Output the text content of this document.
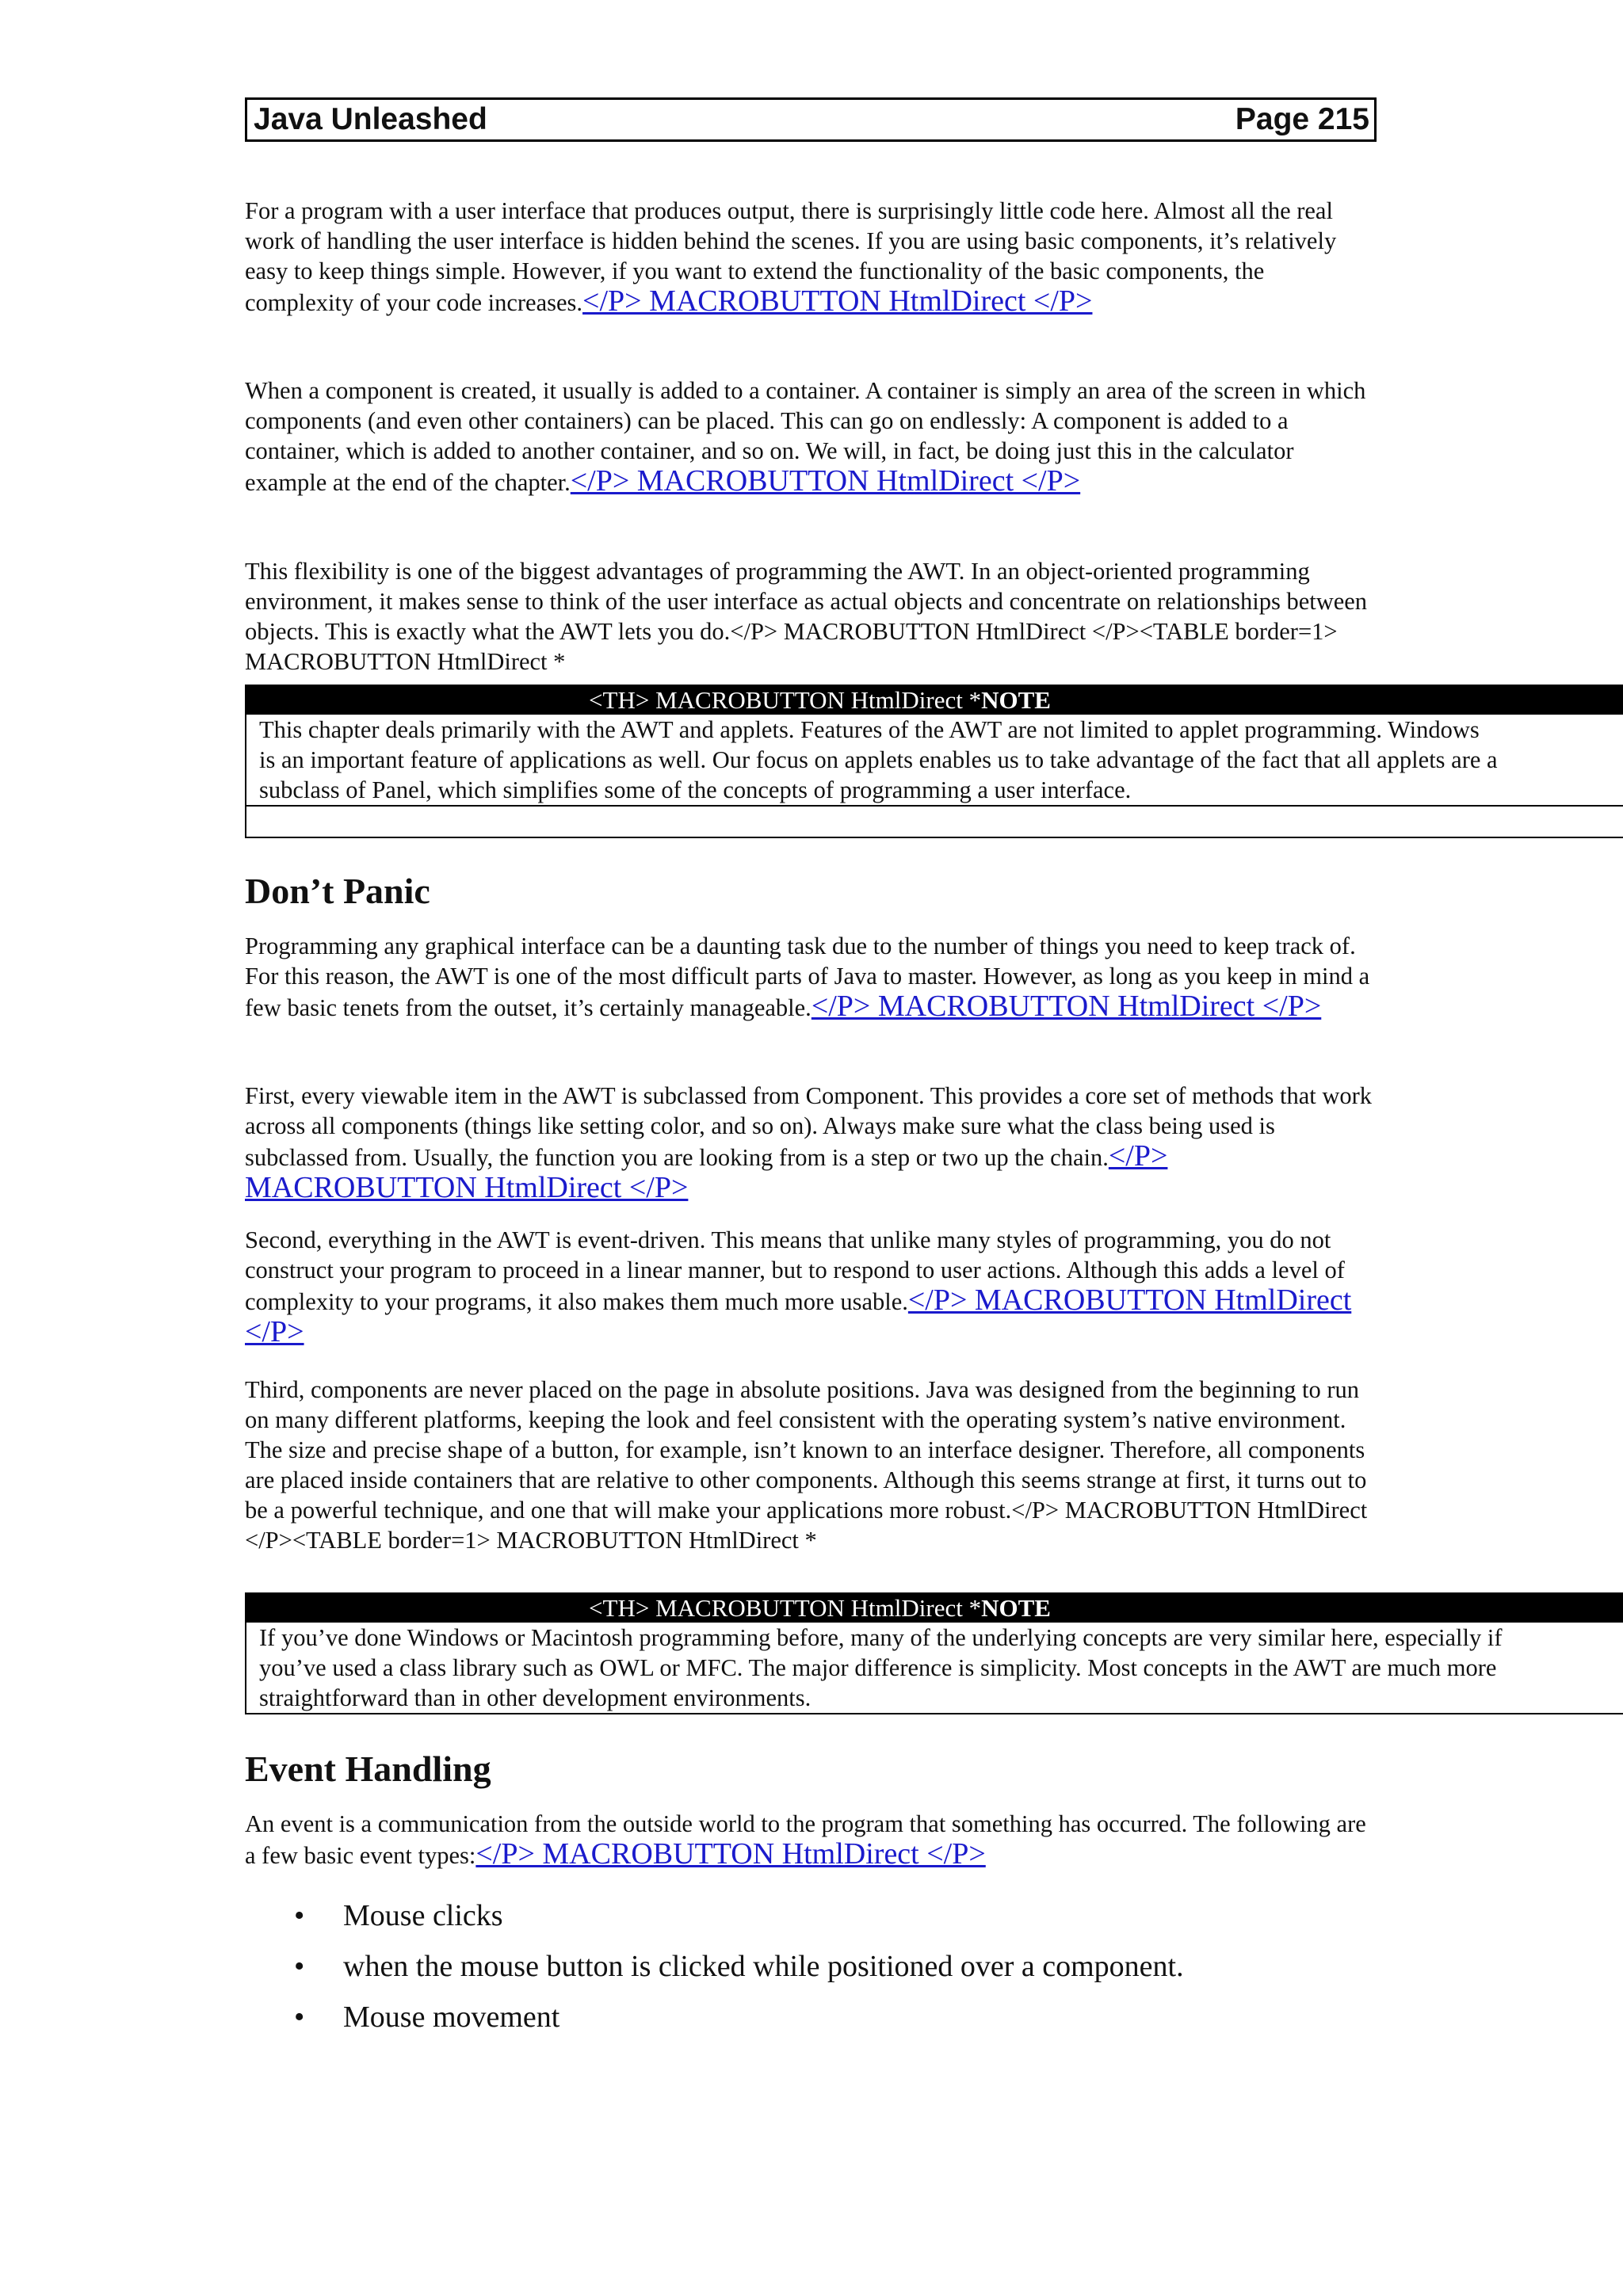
Java Unleashed	Page 215

For a program with a user interface that produces output, there is surprisingly little code here. Almost all the real work of handling the user interface is hidden behind the scenes. If you are using basic components, it’s relatively easy to keep things simple. However, if you want to extend the functionality of the basic components, the complexity of your code increases.</P> MACROBUTTON HtmlDirect </P>

When a component is created, it usually is added to a container. A container is simply an area of the screen in which components (and even other containers) can be placed. This can go on endlessly: A component is added to a container, which is added to another container, and so on. We will, in fact, be doing just this in the calculator example at the end of the chapter.</P> MACROBUTTON HtmlDirect </P>

This flexibility is one of the biggest advantages of programming the AWT. In an object-oriented programming environment, it makes sense to think of the user interface as actual objects and concentrate on relationships between objects. This is exactly what the AWT lets you do.</P> MACROBUTTON HtmlDirect </P><TABLE border=1> MACROBUTTON HtmlDirect *

<TH> MACROBUTTON HtmlDirect *NOTE
This chapter deals primarily with the AWT and applets. Features of the AWT are not limited to applet programming. Windows
is an important feature of applications as well. Our focus on applets enables us to take advantage of the fact that all applets are a
subclass of Panel, which simplifies some of the concepts of programming a user interface.
Don’t Panic

Programming any graphical interface can be a daunting task due to the number of things you need to keep track of. For this reason, the AWT is one of the most difficult parts of Java to master. However, as long as you keep in mind a few basic tenets from the outset, it’s certainly manageable.</P> MACROBUTTON HtmlDirect </P>

First, every viewable item in the AWT is subclassed from Component. This provides a core set of methods that work across all components (things like setting color, and so on). Always make sure what the class being used is subclassed from. Usually, the function you are looking from is a step or two up the chain.</P> MACROBUTTON HtmlDirect </P>

Second, everything in the AWT is event-driven. This means that unlike many styles of programming, you do not construct your program to proceed in a linear manner, but to respond to user actions. Although this adds a level of complexity to your programs, it also makes them much more usable.</P> MACROBUTTON HtmlDirect </P>

Third, components are never placed on the page in absolute positions. Java was designed from the beginning to run on many different platforms, keeping the look and feel consistent with the operating system’s native environment. The size and precise shape of a button, for example, isn’t known to an interface designer. Therefore, all components are placed inside containers that are relative to other components. Although this seems strange at first, it turns out to be a powerful technique, and one that will make your applications more robust.</P> MACROBUTTON HtmlDirect </P><TABLE border=1> MACROBUTTON HtmlDirect *

<TH> MACROBUTTON HtmlDirect *NOTE
If you’ve done Windows or Macintosh programming before, many of the underlying concepts are very similar here, especially if
you’ve used a class library such as OWL or MFC. The major difference is simplicity. Most concepts in the AWT are much more
straightforward than in other development environments.
Event Handling

An event is a communication from the outside world to the program that something has occurred. The following are a few basic event types:</P> MACROBUTTON HtmlDirect </P>

• Mouse clicks
• when the mouse button is clicked while positioned over a component.
• Mouse movement
